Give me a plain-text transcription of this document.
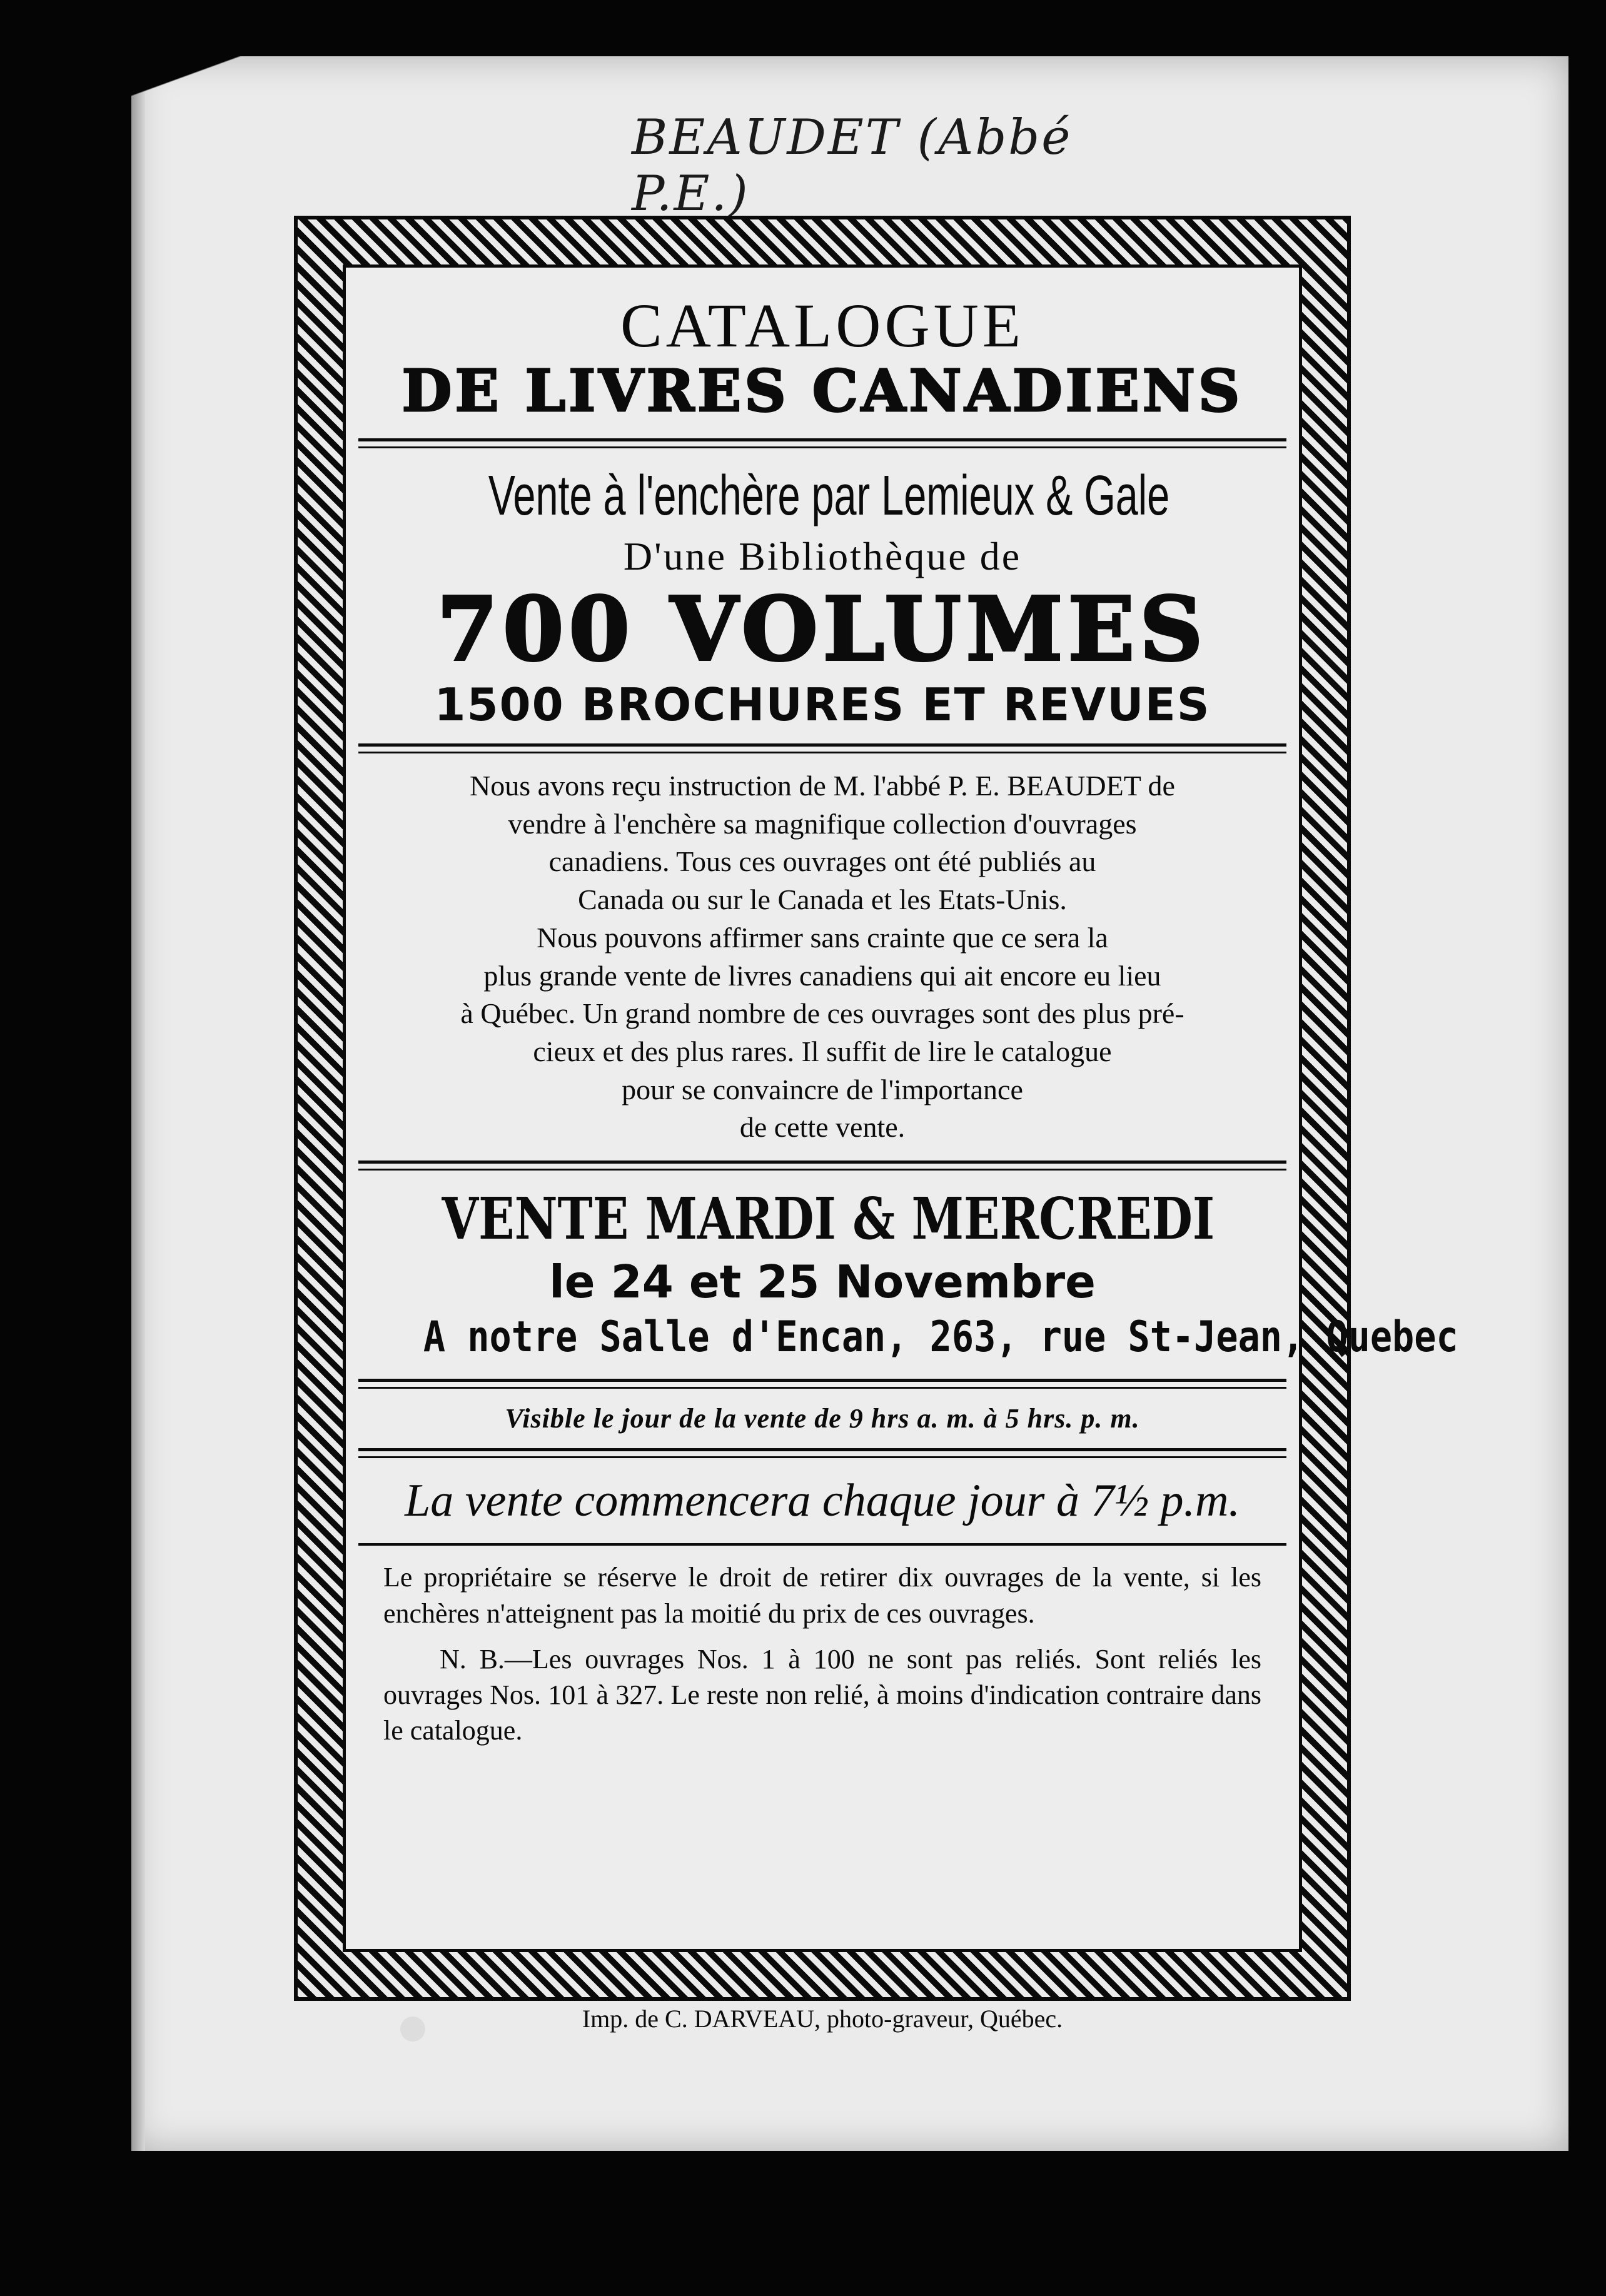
BEAUDET (Abbé P.E.)

CATALOGUE
DE LIVRES CANADIENS

Vente à l'enchère par Lemieux & Gale

D'une Bibliothèque de

700 VOLUMES

1500 BROCHURES ET REVUES

Nous avons reçu instruction de M. l'abbé P. E. BEAUDET de
vendre à l'enchère sa magnifique collection d'ouvrages
canadiens. Tous ces ouvrages ont été publiés au
Canada ou sur le Canada et les Etats-Unis.
Nous pouvons affirmer sans crainte que ce sera la
plus grande vente de livres canadiens qui ait encore eu lieu
à Québec. Un grand nombre de ces ouvrages sont des plus pré-
cieux et des plus rares. Il suffit de lire le catalogue
pour se convaincre de l'importance
de cette vente.

VENTE MARDI & MERCREDI

le 24 et 25 Novembre

A notre Salle d'Encan, 263, rue St-Jean, Quebec

Visible le jour de la vente de 9 hrs a. m. à 5 hrs. p. m.

La vente commencera chaque jour à 7½ p.m.

Le propriétaire se réserve le droit de retirer dix ouvrages de la vente, si les enchères n'atteignent pas la moitié du prix de ces ouvrages.

N. B.—Les ouvrages Nos. 1 à 100 ne sont pas reliés. Sont reliés les ouvrages Nos. 101 à 327. Le reste non relié, à moins d'indication contraire dans le catalogue.

Imp. de C. DARVEAU, photo-graveur, Québec.
